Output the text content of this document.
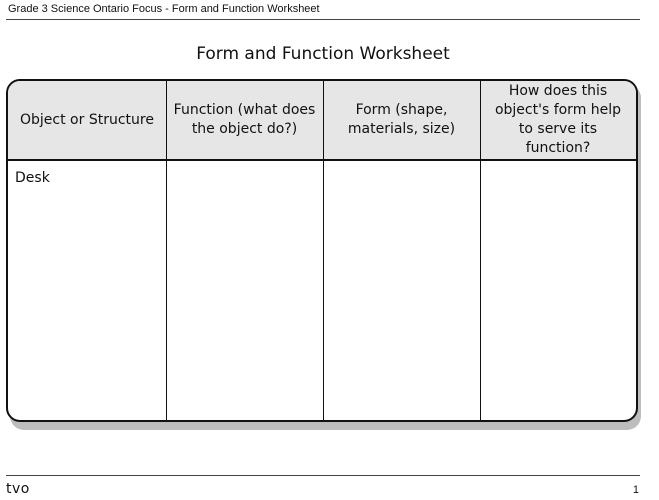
Grade 3 Science Ontario Focus - Form and Function Worksheet
Form and Function Worksheet
Object or Structure
Function (what does the object do?)
Form (shape, materials, size)
How does this object's form help to serve its function?
Desk
tvo	1
